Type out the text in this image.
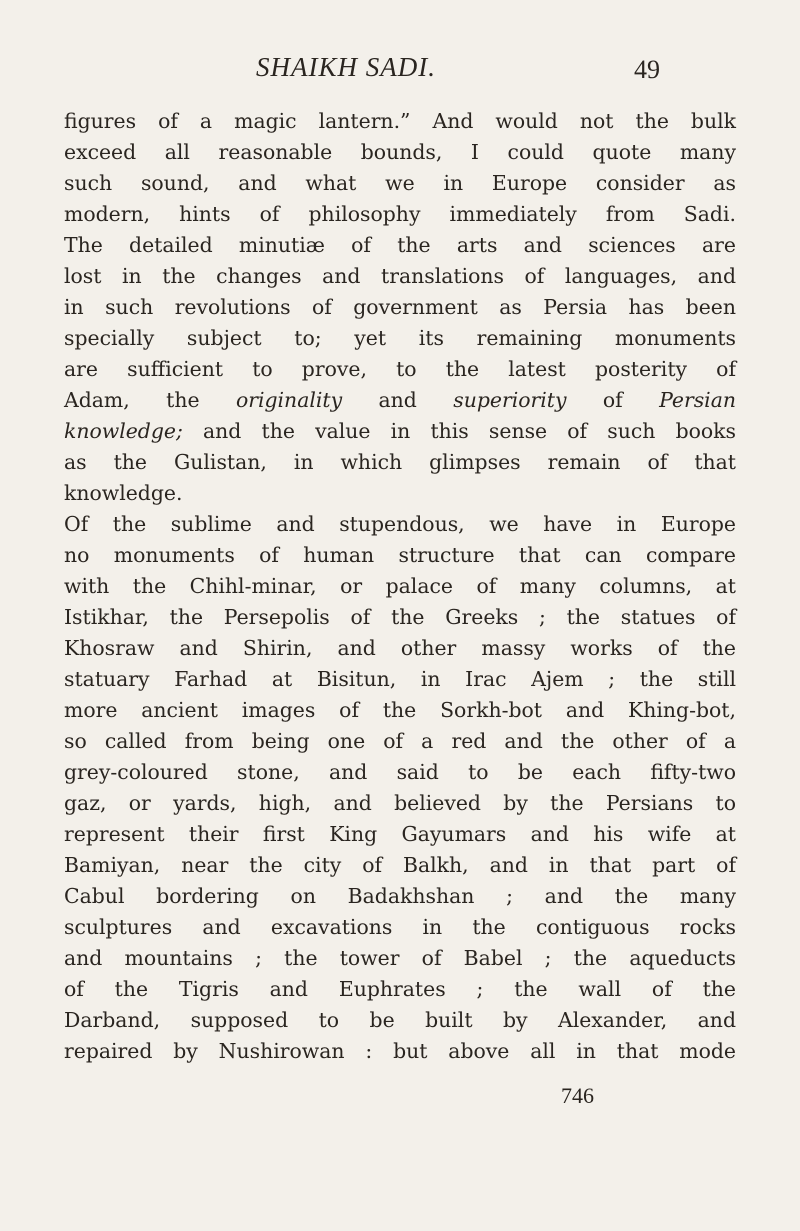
SHAIKH SADI.	49
figures of a magic lantern.” And would not the bulk
exceed all reasonable bounds, I could quote many
such sound, and what we in Europe consider as
modern, hints of philosophy immediately from Sadi.
The detailed minutiæ of the arts and sciences are
lost in the changes and translations of languages, and
in such revolutions of government as Persia has been
specially subject to; yet its remaining monuments
are sufficient to prove, to the latest posterity of
Adam, the originality and superiority of Persian
knowledge; and the value in this sense of such books
as the Gulistan, in which glimpses remain of that
knowledge.
Of the sublime and stupendous, we have in Europe
no monuments of human structure that can compare
with the Chihl-minar, or palace of many columns, at
Istikhar, the Persepolis of the Greeks ; the statues of
Khosraw and Shirin, and other massy works of the
statuary Farhad at Bisitun, in Irac Ajem ; the still
more ancient images of the Sorkh-bot and Khing-bot,
so called from being one of a red and the other of a
grey-coloured stone, and said to be each fifty-two
gaz, or yards, high, and believed by the Persians to
represent their first King Gayumars and his wife at
Bamiyan, near the city of Balkh, and in that part of
Cabul bordering on Badakhshan ; and the many
sculptures and excavations in the contiguous rocks
and mountains ; the tower of Babel ; the aqueducts
of the Tigris and Euphrates ; the wall of the
Darband, supposed to be built by Alexander, and
repaired by Nushirowan : but above all in that mode
746
